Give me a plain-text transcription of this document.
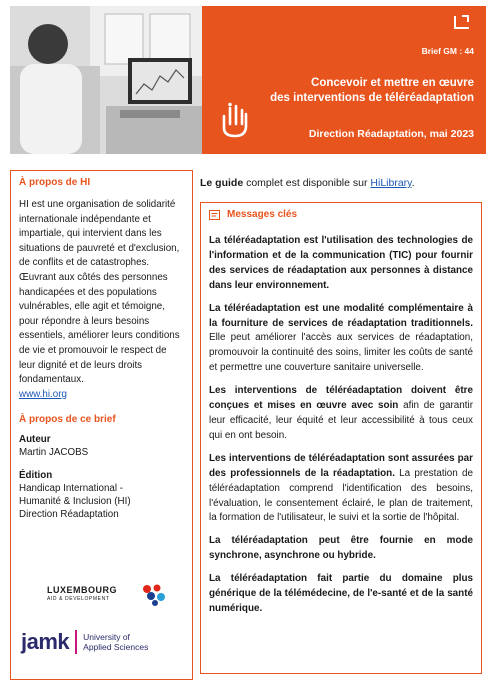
Brief GM : 44
Concevoir et mettre en œuvre
des interventions de téléréadaptation
Direction Réadaptation, mai 2023
À propos de HI
HI est une organisation de solidarité internationale indépendante et impartiale, qui intervient dans les situations de pauvreté et d'exclusion, de conflits et de catastrophes. Œuvrant aux côtés des personnes handicapées et des populations vulnérables, elle agit et témoigne, pour répondre à leurs besoins essentiels, améliorer leurs conditions de vie et promouvoir le respect de leur dignité et de leurs droits fondamentaux.
www.hi.org
À propos de ce brief
Auteur
Martin JACOBS
Édition
Handicap International -
Humanité & Inclusion (HI)
Direction Réadaptation
LUXEMBOURG
AID & DEVELOPMENT
jamk University of
Applied Sciences
Le guide complet est disponible sur HiLibrary.
Messages clés

La téléréadaptation est l'utilisation des technologies de l'information et de la communication (TIC) pour fournir des services de réadaptation aux personnes à distance dans leur environnement.

La téléréadaptation est une modalité complémentaire à la fourniture de services de réadaptation traditionnels. Elle peut améliorer l'accès aux services de réadaptation, promouvoir la continuité des soins, limiter les coûts de santé et permettre une couverture sanitaire universelle.

Les interventions de téléréadaptation doivent être conçues et mises en œuvre avec soin afin de garantir leur efficacité, leur équité et leur accessibilité à tous ceux qui en ont besoin.

Les interventions de téléréadaptation sont assurées par des professionnels de la réadaptation. La prestation de téléréadaptation comprend l'identification des besoins, l'évaluation, le consentement éclairé, le plan de traitement, la formation de l'utilisateur, le suivi et la sortie de l'hôpital.

La téléréadaptation peut être fournie en mode synchrone, asynchrone ou hybride.

La téléréadaptation fait partie du domaine plus générique de la télémédecine, de l'e-santé et de la santé numérique.
